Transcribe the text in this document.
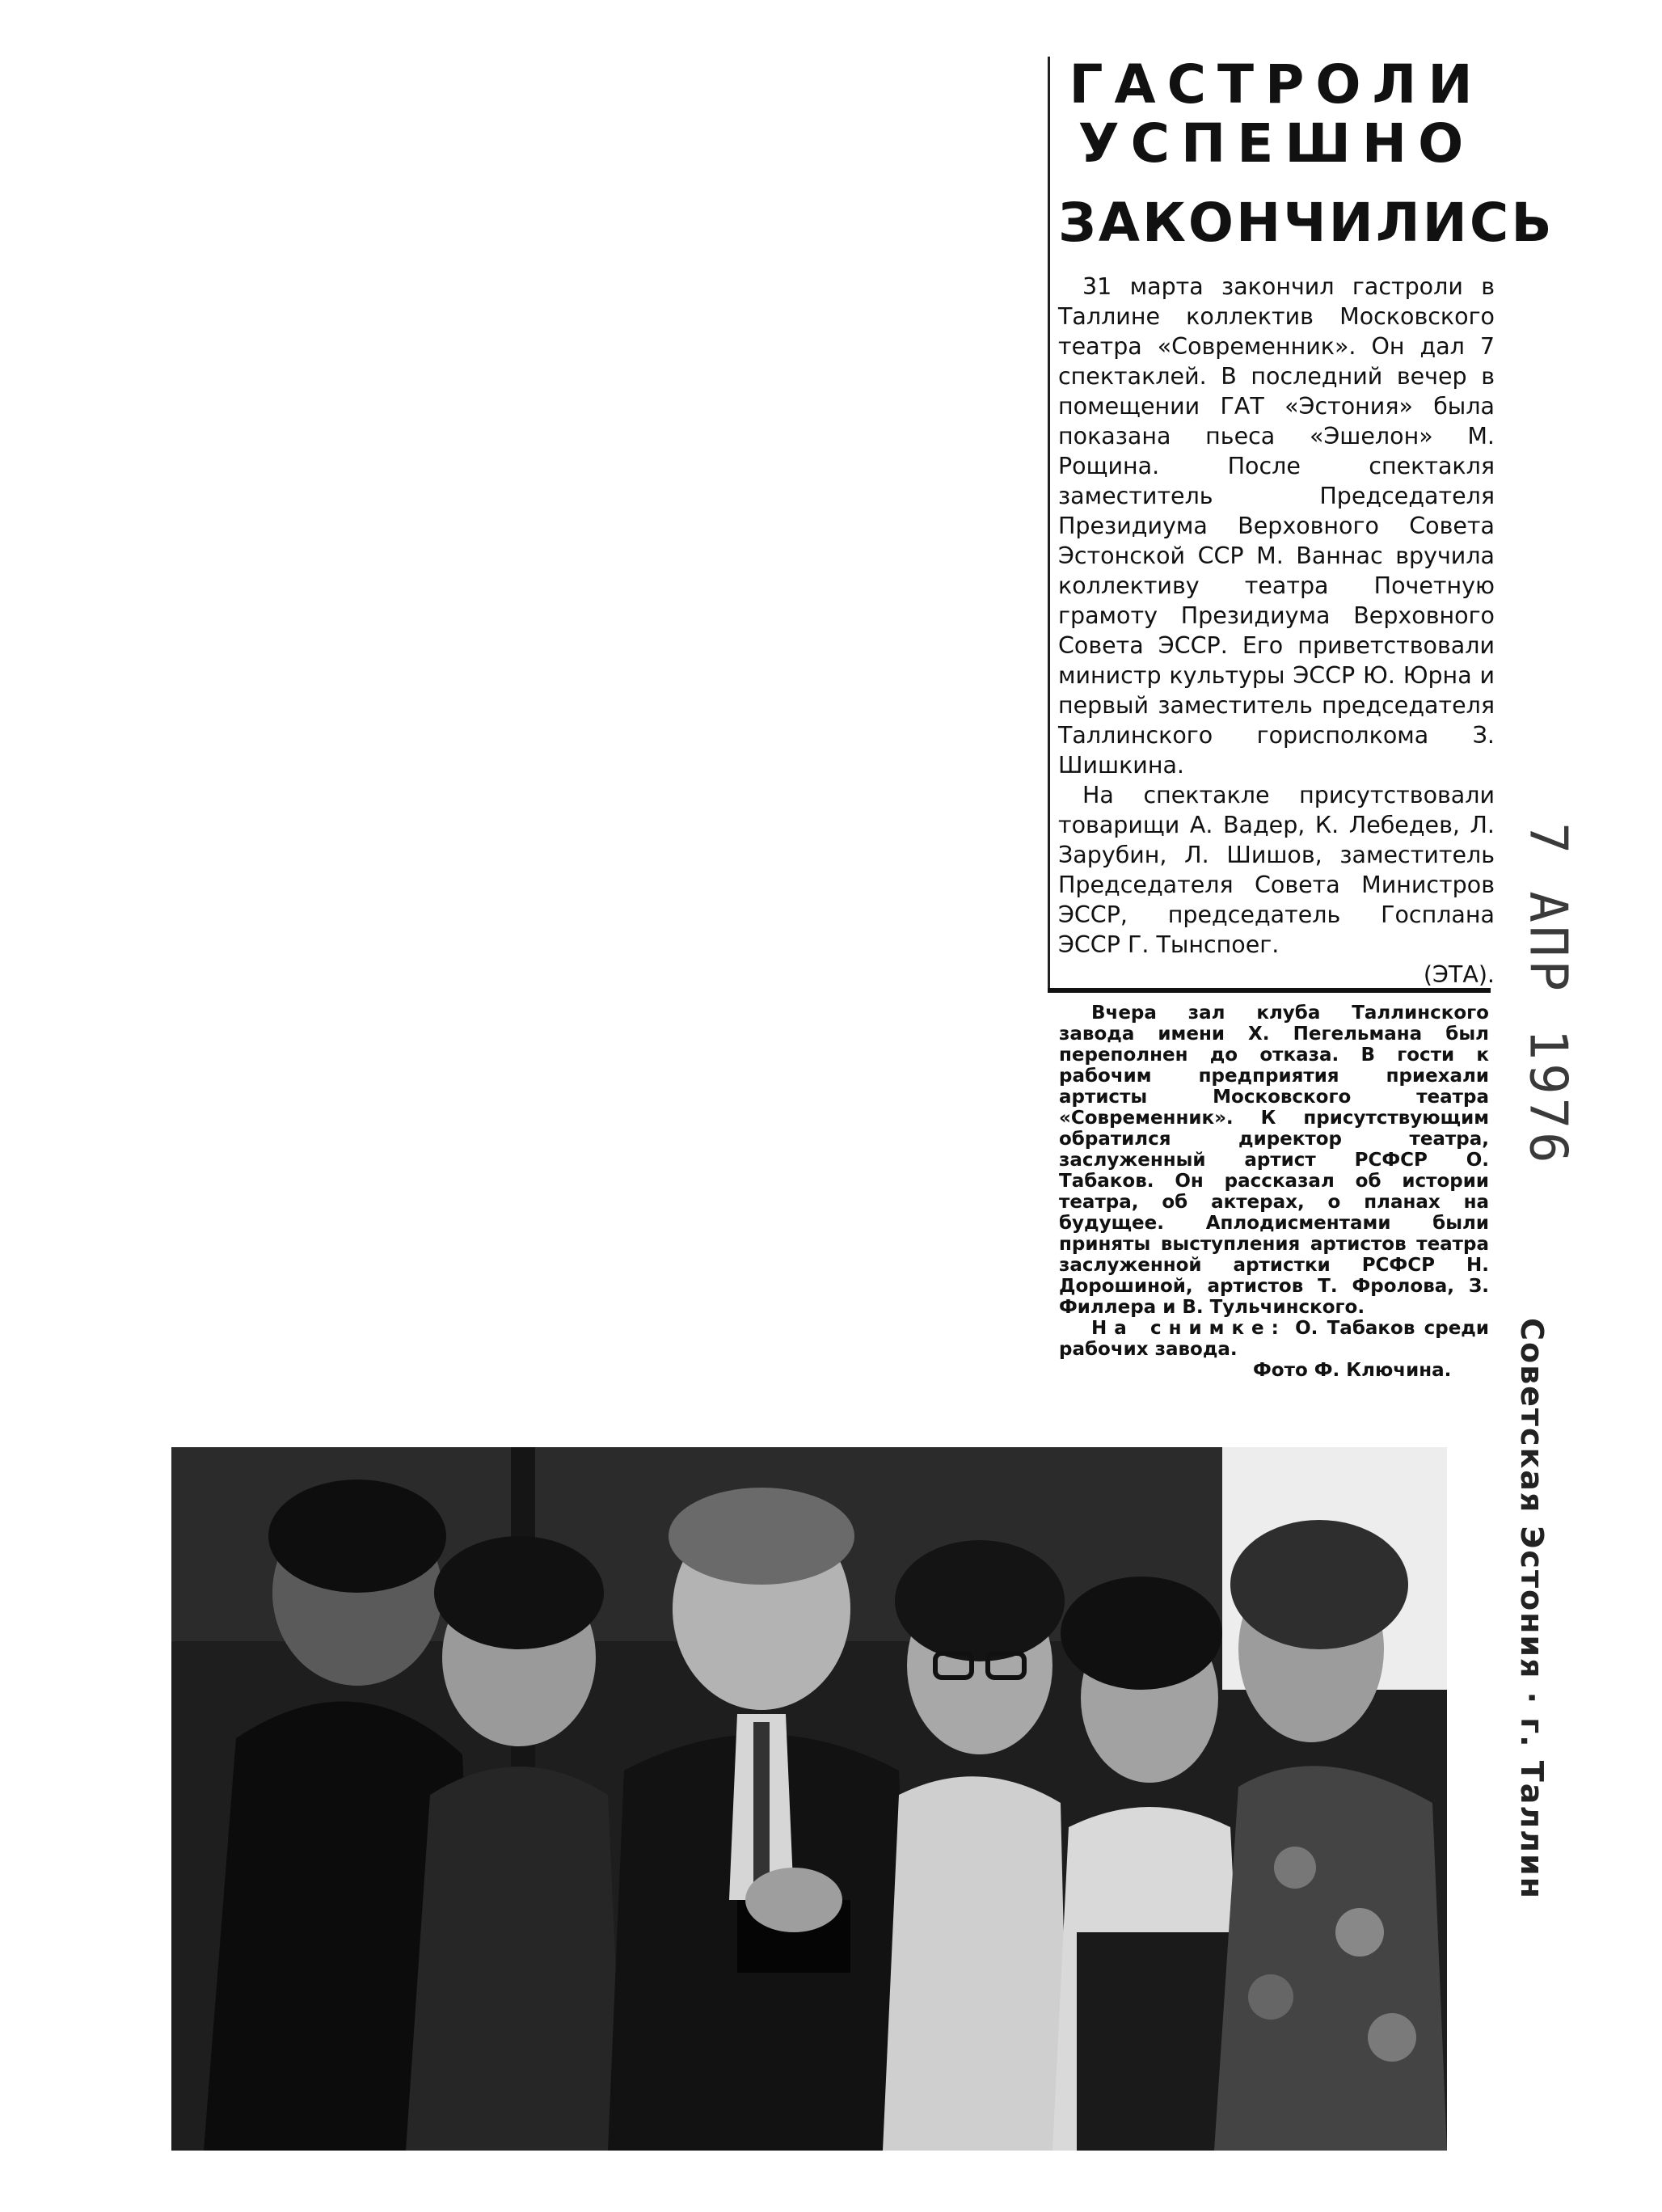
ГАСТРОЛИ
УСПЕШНО
ЗАКОНЧИЛИСЬ

31 марта закончил гастроли в Таллине коллектив Московского театра «Современник». Он дал 7 спектаклей. В последний вечер в помещении ГАТ «Эстония» была показана пьеса «Эшелон» М. Рощина. После спектакля заместитель Председателя Президиума Верховного Совета Эстонской ССР М. Ваннас вручила коллективу театра Почетную грамоту Президиума Верховного Совета ЭССР. Его приветствовали министр культуры ЭССР Ю. Юрна и первый заместитель председателя Таллинского горисполкома З. Шишкина.

На спектакле присутствовали товарищи А. Вадер, К. Лебедев, Л. Зарубин, Л. Шишов, заместитель Председателя Совета Министров ЭССР, председатель Госплана ЭССР Г. Тынспоег.

(ЭТА).

Вчера зал клуба Таллинского завода имени Х. Пегельмана был переполнен до отказа. В гости к рабочим предприятия приехали артисты Московского театра «Современник». К присутствующим обратился директор театра, заслуженный артист РСФСР О. Табаков. Он рассказал об истории театра, об актерах, о планах на будущее. Аплодисментами были приняты выступления артистов театра заслуженной артистки РСФСР Н. Дорошиной, артистов Т. Фролова, З. Филлера и В. Тульчинского.

На снимке: О. Табаков среди рабочих завода.

Фото Ф. Ключина.

7 АПР 1976
Советская Эстония · г. Таллин
